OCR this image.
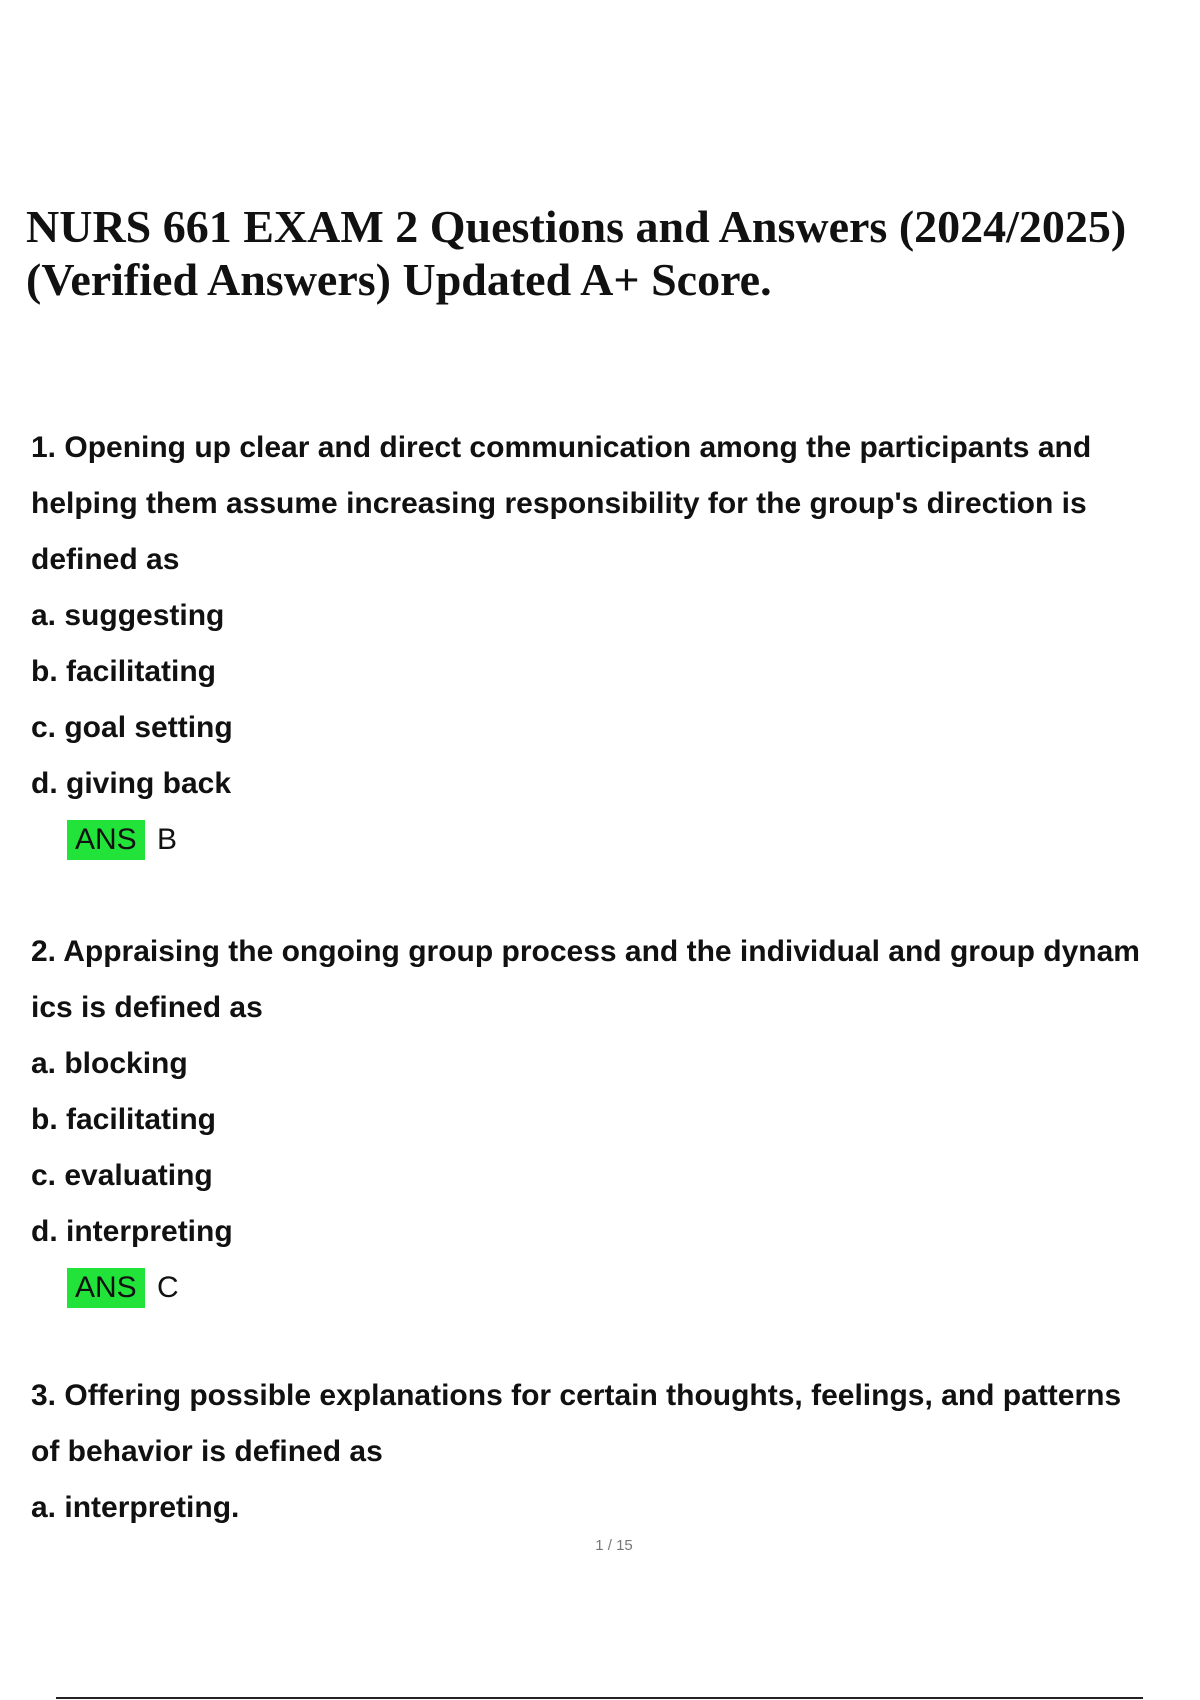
NURS 661 EXAM 2 Questions and Answers (2024/2025)
(Verified Answers) Updated A+ Score.
1. Opening up clear and direct communication among the participants and
helping them assume increasing responsibility for the group's direction is
defined as
a. suggesting
b. facilitating
c. goal setting
d. giving back
ANS B
2. Appraising the ongoing group process and the individual and group dynam
ics is defined as
a. blocking
b. facilitating
c. evaluating
d. interpreting
ANS C
3. Offering possible explanations for certain thoughts, feelings, and patterns
of behavior is defined as
a. interpreting.
1 / 15
